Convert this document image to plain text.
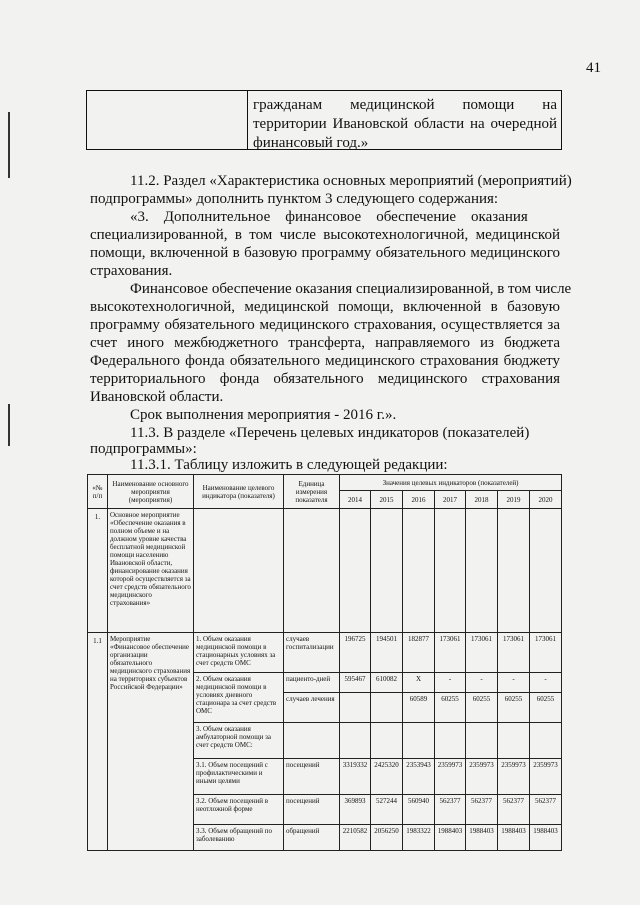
41
гражданам медицинской помощи на территории Ивановской области на очередной финансовый год.»
11.2. Раздел «Характеристика основных мероприятий (мероприятий)
подпрограммы» дополнить пунктом 3 следующего содержания:
«3.    Дополнительное    финансовое    обеспечение    оказания
специализированной, в том числе высокотехнологичной, медицинской
помощи, включенной в базовую программу обязательного медицинского
страхования.
Финансовое обеспечение оказания специализированной, в том числе
высокотехнологичной, медицинской помощи, включенной в базовую
программу обязательного медицинского страхования, осуществляется за
счет иного межбюджетного трансферта, направляемого из бюджета
Федерального фонда обязательного медицинского страхования бюджету
территориального фонда обязательного медицинского страхования
Ивановской области.
Срок выполнения мероприятия - 2016 г.».
11.3. В разделе «Перечень целевых индикаторов (показателей)
подпрограммы»:
11.3.1. Таблицу изложить в следующей редакции:
«№ п/п	Наименование основного мероприятия (мероприятия)	Наименование целевого индикатора (показателя)	Единица измерения показателя	Значения целевых индикаторов (показателей)						
				2014	2015	2016	2017	2018	2019	2020
1.	Основное мероприятие «Обеспечение оказания в полном объеме и на должном уровне качества бесплатной медицинской помощи населению Ивановской области, финансирование оказания которой осуществляется за счет средств обязательного медицинского страхования»									
1.1	Мероприятие «Финансовое обеспечение организации обязательного медицинского страхования на территориях субъектов Российской Федерации»	1. Объем оказания медицинской помощи в стационарных условиях за счет средств ОМС	случаев госпитализации	196725	194501	182877	173061	173061	173061	173061
		2. Объем оказания медицинской помощи в условиях дневного стационара за счет средств ОМС	пациенто-дней	595467	610082	X	-	-	-	-
			случаев лечения			60589	60255	60255	60255	60255
		3. Объем оказания амбулаторной помощи за счет средств ОМС:								
		3.1. Объем посещений с профилактическими и иными целями	посещений	3319332	2425320	2353943	2359973	2359973	2359973	2359973
		3.2. Объем посещений в неотложной форме	посещений	369893	527244	560940	562377	562377	562377	562377
		3.3. Объем обращений по заболеванию	обращений	2210582	2056250	1983322	1988403	1988403	1988403	1988403
